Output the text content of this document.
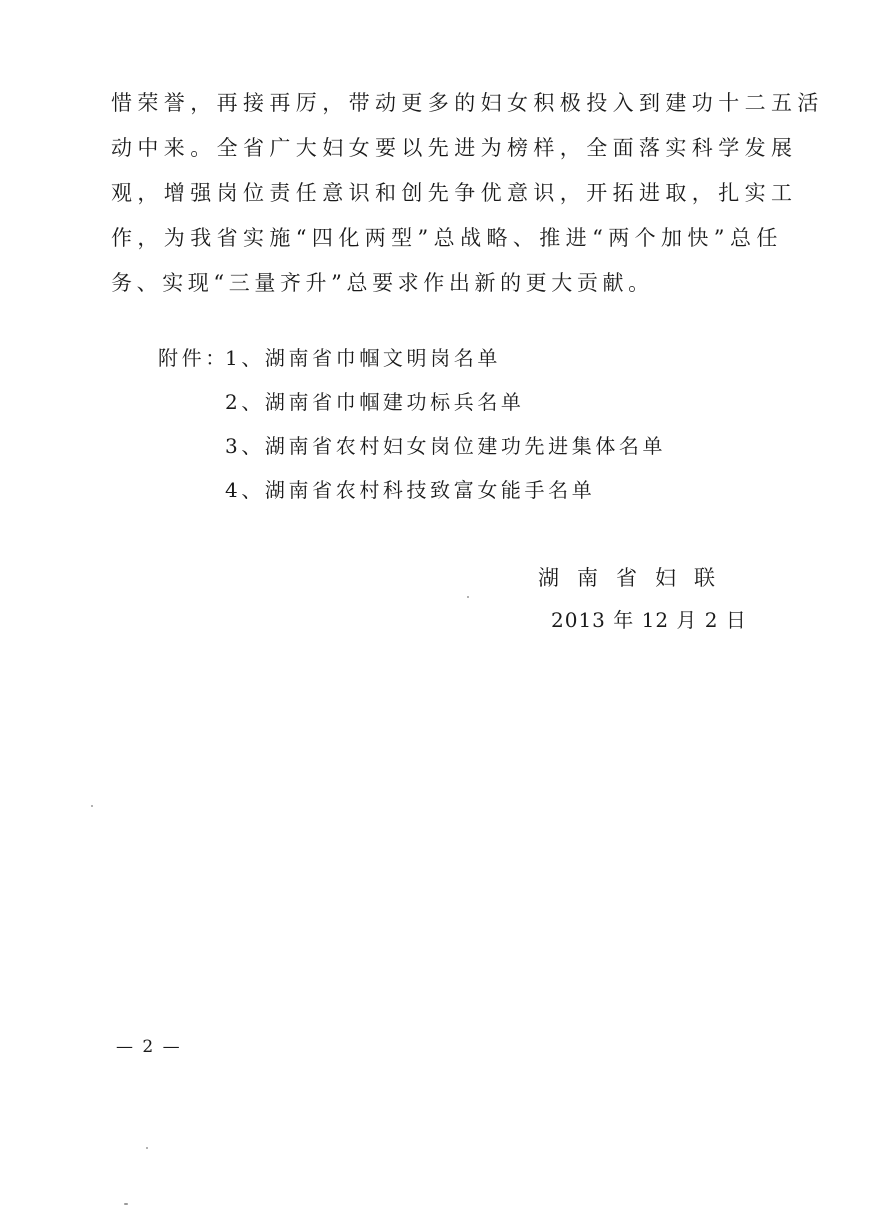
惜荣誉，再接再厉，带动更多的妇女积极投入到建功十二五活
动中来。全省广大妇女要以先进为榜样，全面落实科学发展
观，增强岗位责任意识和创先争优意识，开拓进取，扎实工
作，为我省实施“四化两型”总战略、推进“两个加快”总任
务、实现“三量齐升”总要求作出新的更大贡献。
附件：
1、湖南省巾帼文明岗名单
2、湖南省巾帼建功标兵名单
3、湖南省农村妇女岗位建功先进集体名单
4、湖南省农村科技致富女能手名单
湖南省妇联
2013 年 12 月 2 日
— 2 —
